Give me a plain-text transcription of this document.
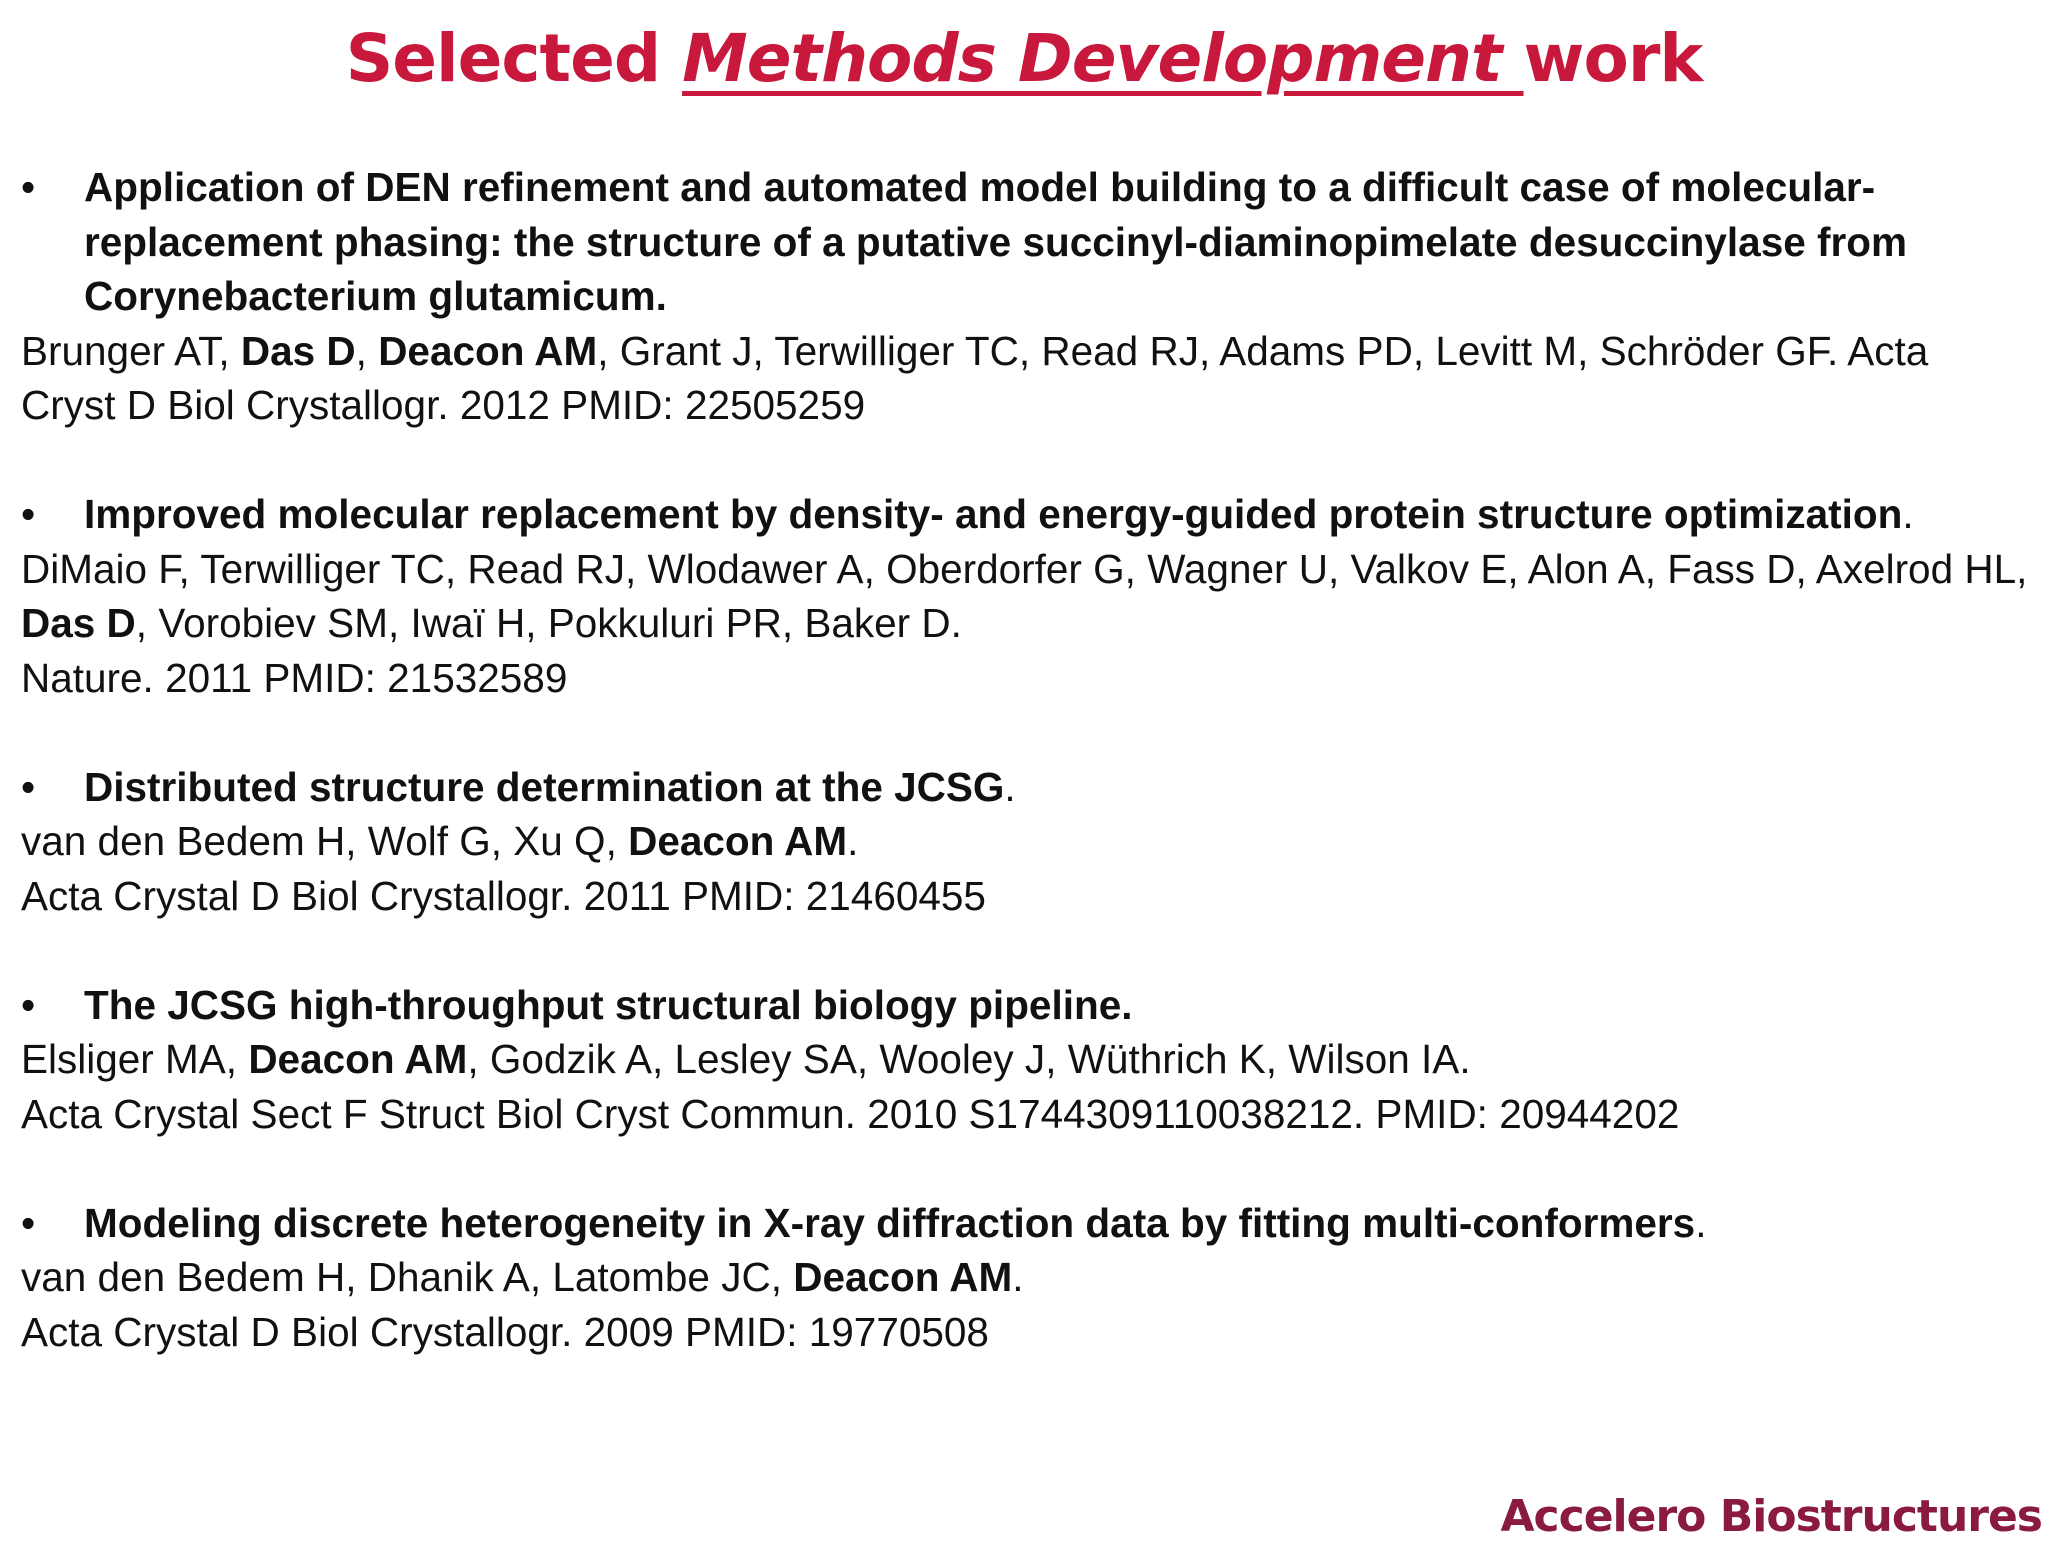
Selected Methods Development work
• Application of DEN refinement and automated model building to a difficult case of molecular-replacement phasing: the structure of a putative succinyl-diaminopimelate desuccinylase from Corynebacterium glutamicum.
Brunger AT, Das D, Deacon AM, Grant J, Terwilliger TC, Read RJ, Adams PD, Levitt M, Schröder GF. Acta Cryst D Biol Crystallogr. 2012 PMID: 22505259
• Improved molecular replacement by density- and energy-guided protein structure optimization.
DiMaio F, Terwilliger TC, Read RJ, Wlodawer A, Oberdorfer G, Wagner U, Valkov E, Alon A, Fass D, Axelrod HL, Das D, Vorobiev SM, Iwaï H, Pokkuluri PR, Baker D.
Nature. 2011 PMID: 21532589
• Distributed structure determination at the JCSG.
van den Bedem H, Wolf G, Xu Q, Deacon AM.
Acta Crystal D Biol Crystallogr. 2011 PMID: 21460455
• The JCSG high-throughput structural biology pipeline.
Elsliger MA, Deacon AM, Godzik A, Lesley SA, Wooley J, Wüthrich K, Wilson IA.
Acta Crystal Sect F Struct Biol Cryst Commun. 2010 S1744309110038212. PMID: 20944202
• Modeling discrete heterogeneity in X-ray diffraction data by fitting multi-conformers.
van den Bedem H, Dhanik A, Latombe JC, Deacon AM.
Acta Crystal D Biol Crystallogr. 2009 PMID: 19770508
Accelero Biostructures
